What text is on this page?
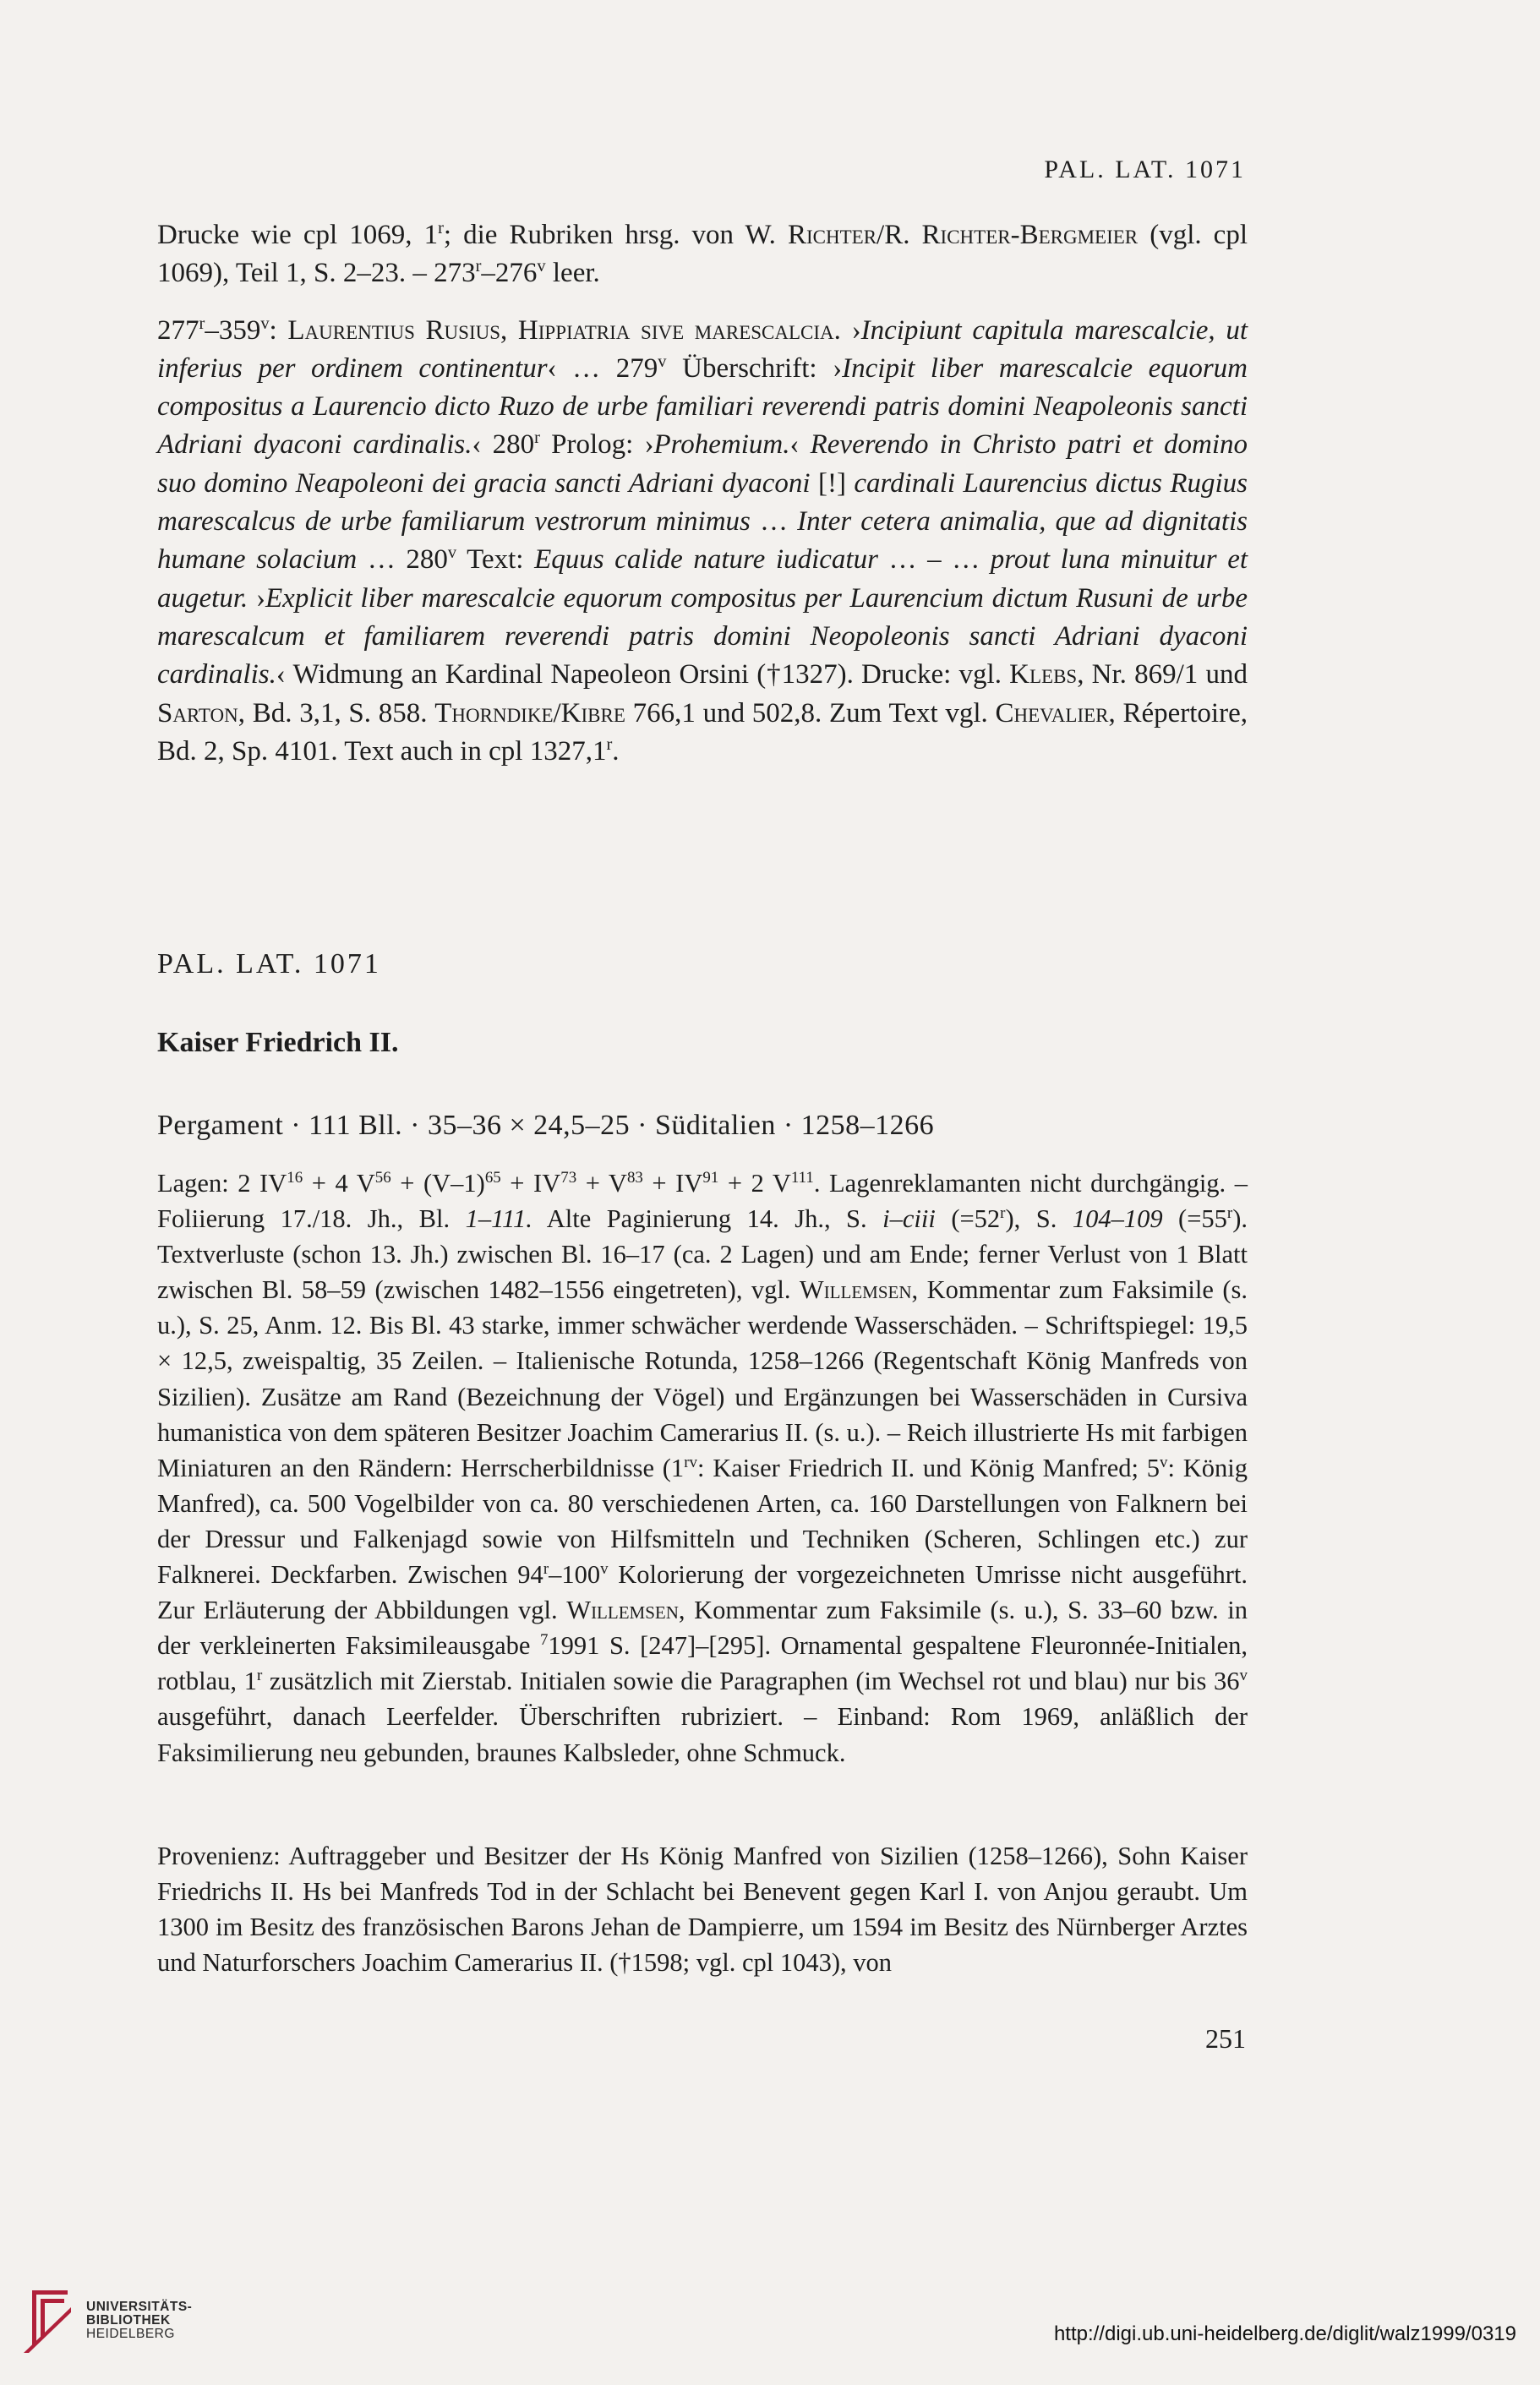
PAL. LAT. 1071

Drucke wie cpl 1069, 1$^r$; die Rubriken hrsg. von W. Richter/R. Richter-Bergmeier (vgl. cpl 1069), Teil 1, S. 2–23. – 273$^r$–276$^v$ leer.

277$^r$–359$^v$: Laurentius Rusius, Hippiatria sive marescalcia. ›Incipiunt capitula marescalcie, ut inferius per ordinem continentur‹ … 279$^v$ Überschrift: ›Incipit liber marescalcie equorum compositus a Laurencio dicto Ruzo de urbe familiari reverendi patris domini Neapoleonis sancti Adriani dyaconi cardinalis.‹ 280$^r$ Prolog: ›Prohemium.‹ Reverendo in Christo patri et domino suo domino Neapoleoni dei gracia sancti Adriani dyaconi [!] cardinali Laurencius dictus Rugius marescalcus de urbe familiarum vestrorum minimus … Inter cetera animalia, que ad dignitatis humane solacium … 280$^v$ Text: Equus calide nature iudicatur … – … prout luna minuitur et augetur. ›Explicit liber marescalcie equorum compositus per Laurencium dictum Rusuni de urbe marescalcum et familiarem reverendi patris domini Neopoleonis sancti Adriani dyaconi cardinalis.‹ Widmung an Kardinal Napeoleon Orsini (†1327). Drucke: vgl. Klebs, Nr. 869/1 und Sarton, Bd. 3,1, S. 858. Thorndike/Kibre 766,1 und 502,8. Zum Text vgl. Chevalier, Répertoire, Bd. 2, Sp. 4101. Text auch in cpl 1327,1$^r$.

PAL. LAT. 1071
Kaiser Friedrich II.
Pergament · 111 Bll. · 35–36 × 24,5–25 · Süditalien · 1258–1266
Lagen: 2 $IV^{16} + 4$ $V^{56} + (V-1)^{65} + IV^{73} + V^{83} + IV^{91} + 2$ $V^{111}$. Lagenreklamanten nicht durchgängig. – Foliierung 17./18. Jh., Bl. 1–111. Alte Paginierung 14. Jh., S. i–ciii $(=52^r)$, S. 104–109 $(=55^r)$. Textverluste (schon 13. Jh.) zwischen Bl. 16–17 (ca. 2 Lagen) und am Ende; ferner Verlust von 1 Blatt zwischen Bl. 58–59 (zwischen 1482–1556 eingetreten), vgl. Willemsen, Kommentar zum Faksimile (s. u.), S. 25, Anm. 12. Bis Bl. 43 starke, immer schwächer werdende Wasserschäden. – Schriftspiegel: 19,5 × 12,5, zweispaltig, 35 Zeilen. – Italienische Rotunda, 1258–1266 (Regentschaft König Manfreds von Sizilien). Zusätze am Rand (Bezeichnung der Vögel) und Ergänzungen bei Wasserschäden in Cursiva humanistica von dem späteren Besitzer Joachim Camerarius II. (s. u.). – Reich illustrierte Hs mit farbigen Miniaturen an den Rändern: Herrscherbildnisse ($1^{rv}$: Kaiser Friedrich II. und König Manfred; 5$^v$: König Manfred), ca. 500 Vogelbilder von ca. 80 verschiedenen Arten, ca. 160 Darstellungen von Falknern bei der Dressur und Falkenjagd sowie von Hilfsmitteln und Techniken (Scheren, Schlingen etc.) zur Falknerei. Deckfarben. Zwischen 94$^r$–100$^v$ Kolorierung der vorgezeichneten Umrisse nicht ausgeführt. Zur Erläuterung der Abbildungen vgl. Willemsen, Kommentar zum Faksimile (s. u.), S. 33–60 bzw. in der verkleinerten Faksimileausgabe $^7$1991 S. [247]–[295]. Ornamental gespaltene Fleuronnée-Initialen, rotblau, 1$^r$ zusätzlich mit Zierstab. Initialen sowie die Paragraphen (im Wechsel rot und blau) nur bis 36$^v$ ausgeführt, danach Leerfelder. Überschriften rubriziert. – Einband: Rom 1969, anläßlich der Faksimilierung neu gebunden, braunes Kalbsleder, ohne Schmuck.
Provenienz: Auftraggeber und Besitzer der Hs König Manfred von Sizilien (1258–1266), Sohn Kaiser Friedrichs II. Hs bei Manfreds Tod in der Schlacht bei Benevent gegen Karl I. von Anjou geraubt. Um 1300 im Besitz des französischen Barons Jehan de Dampierre, um 1594 im Besitz des Nürnberger Arztes und Naturforschers Joachim Camerarius II. (†1598; vgl. cpl 1043), von
251
UNIVERSITÄTS-
BIBLIOTHEK
HEIDELBERG	http://digi.ub.uni-heidelberg.de/diglit/walz1999/0319
